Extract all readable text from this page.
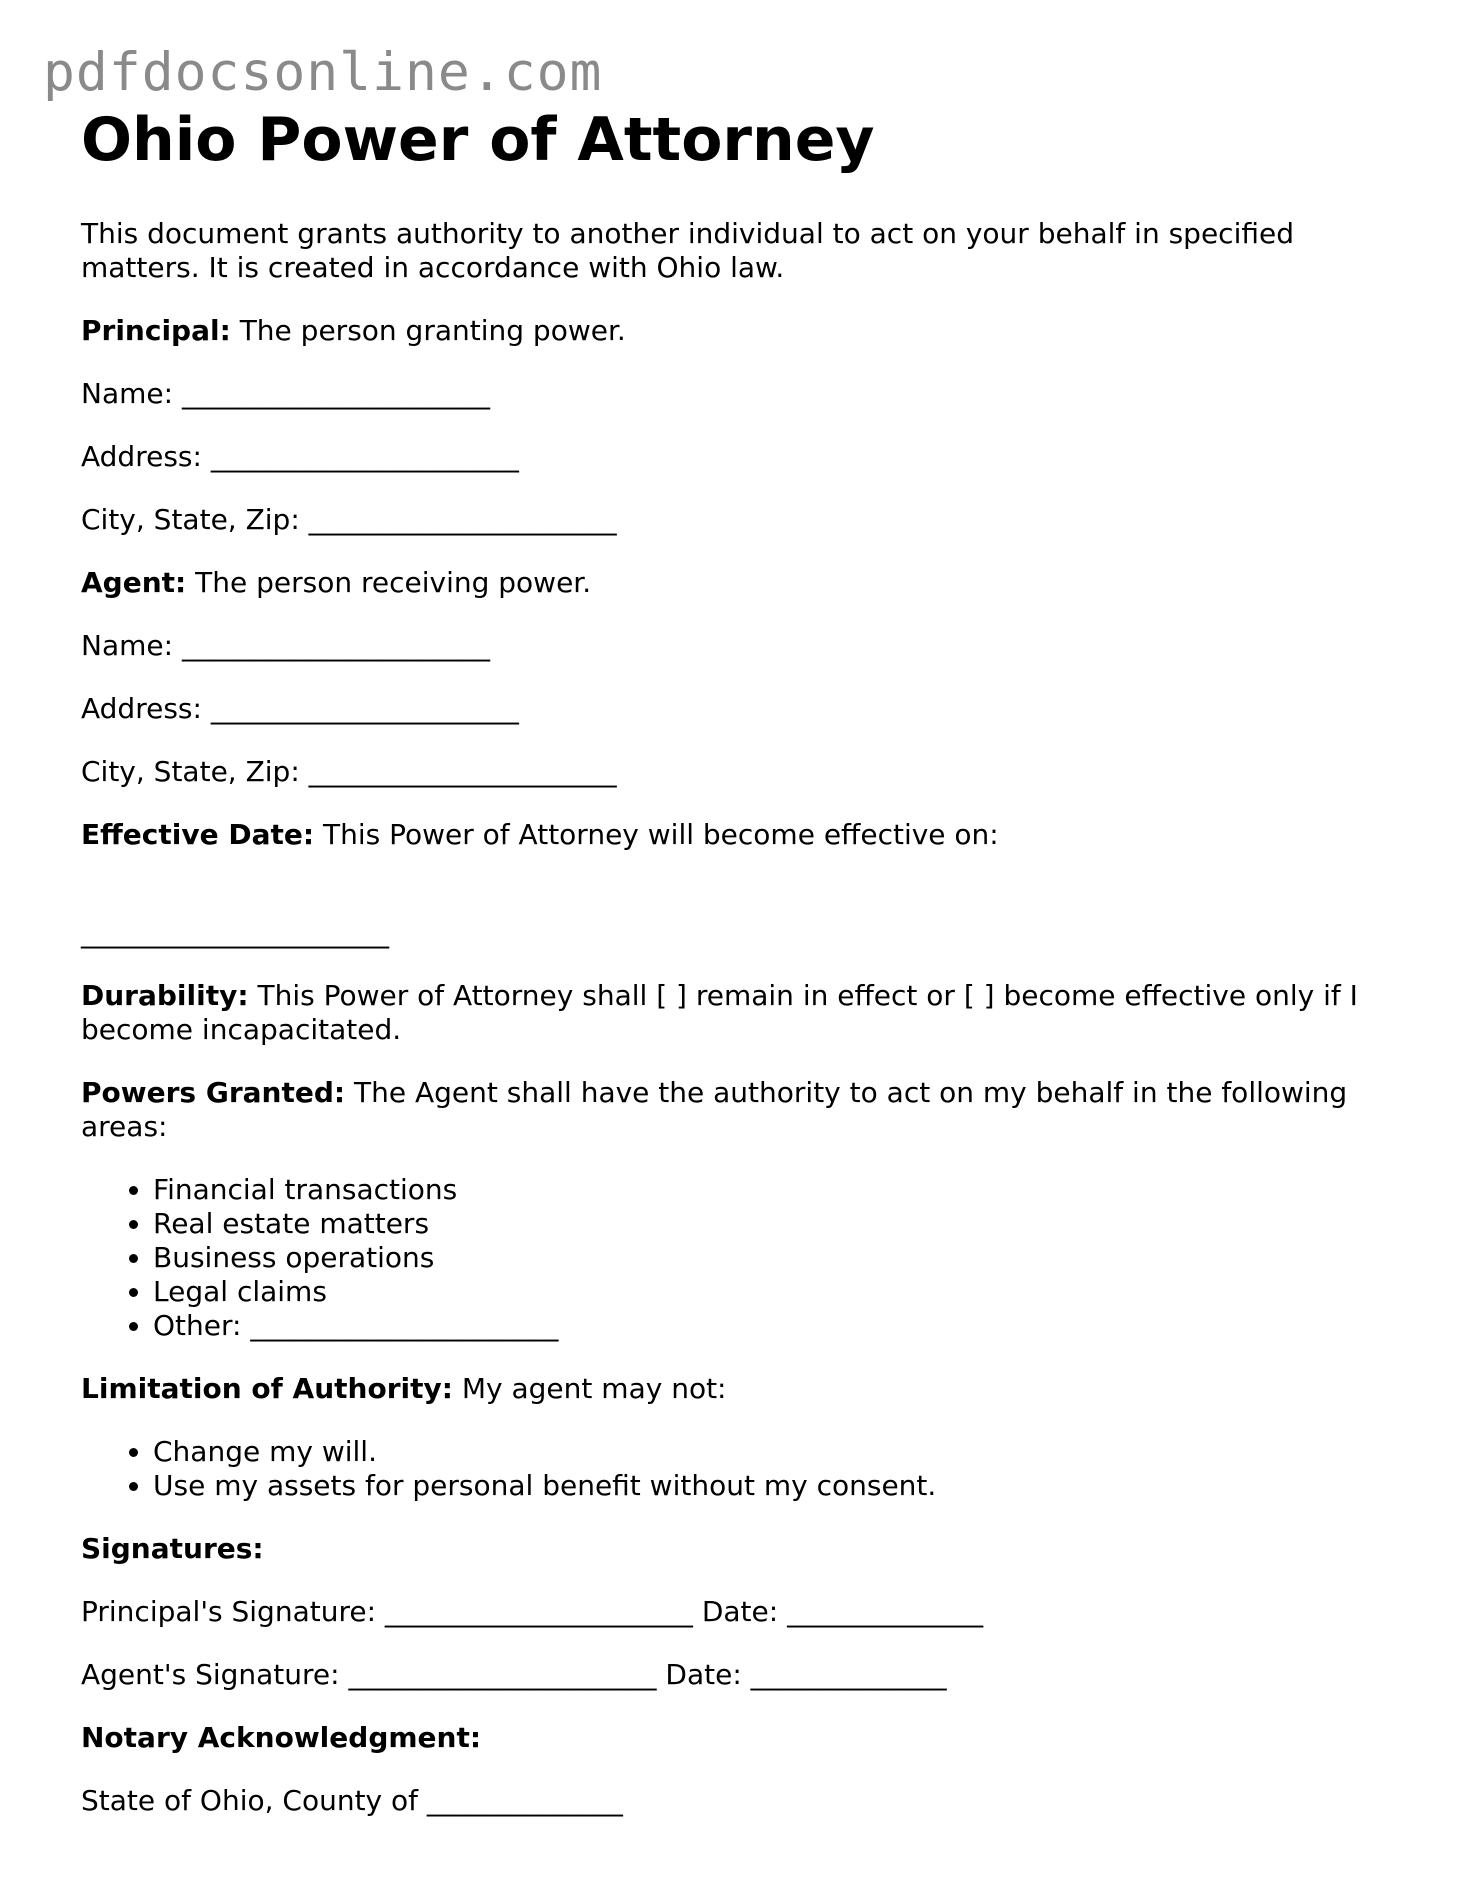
pdfdocsonline.com
Ohio Power of Attorney

This document grants authority to another individual to act on your behalf in specified matters. It is created in accordance with Ohio law.

Principal: The person granting power.

Name: ______________________

Address: ______________________

City, State, Zip: ______________________

Agent: The person receiving power.

Name: ______________________

Address: ______________________

City, State, Zip: ______________________

Effective Date: This Power of Attorney will become effective on:

______________________

Durability: This Power of Attorney shall [ ] remain in effect or [ ] become effective only if I become incapacitated.

Powers Granted: The Agent shall have the authority to act on my behalf in the following areas:

• Financial transactions
• Real estate matters
• Business operations
• Legal claims
• Other: ______________________

Limitation of Authority: My agent may not:

• Change my will.
• Use my assets for personal benefit without my consent.

Signatures:

Principal's Signature: ______________________ Date: ______________

Agent's Signature: ______________________ Date: ______________

Notary Acknowledgment:

State of Ohio, County of ______________
